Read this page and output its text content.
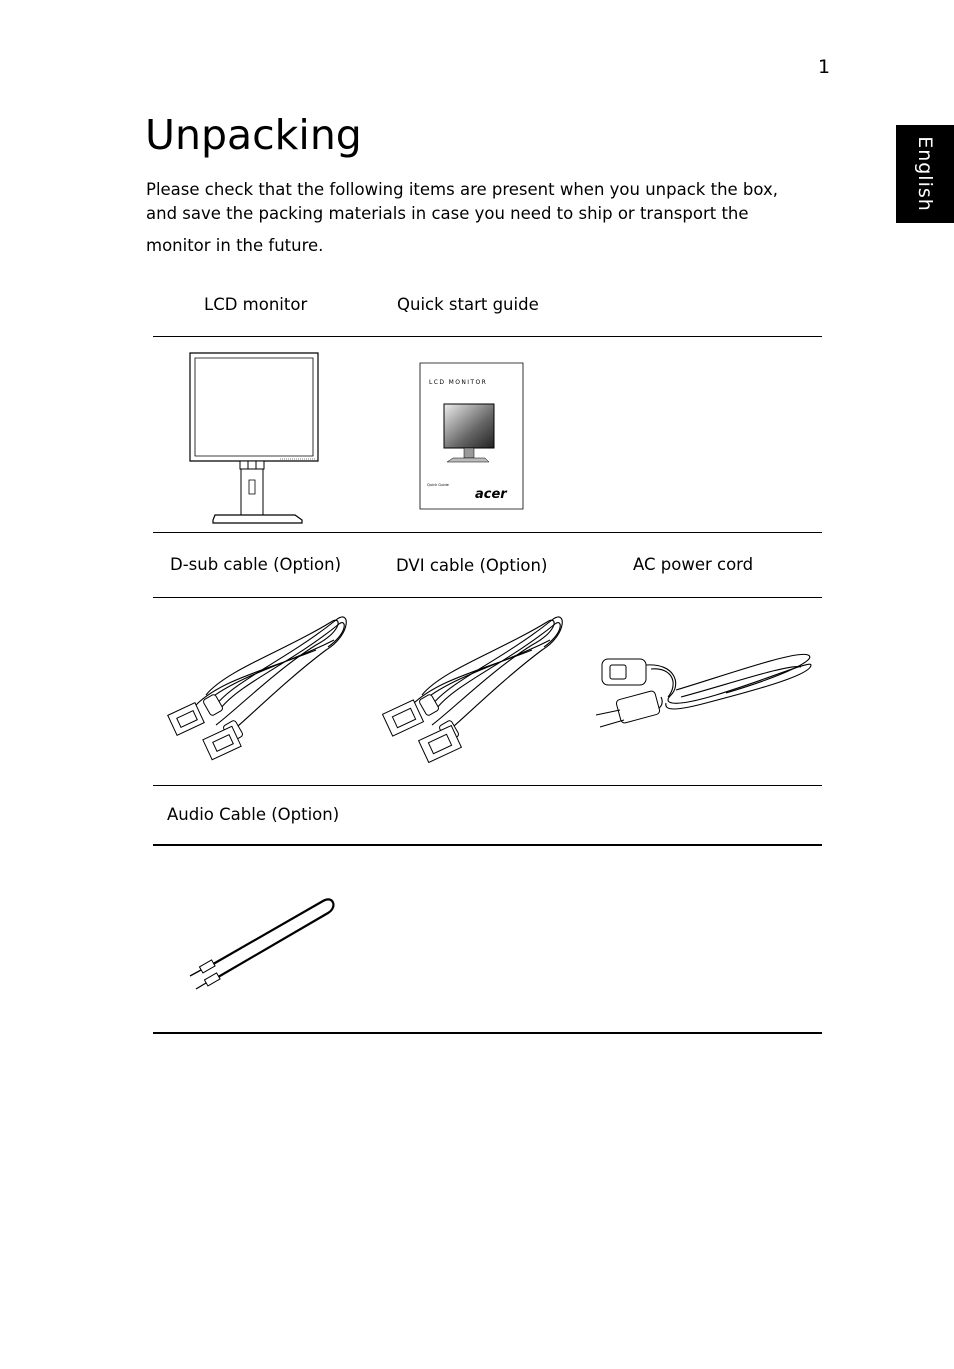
1
English
Unpacking

Please check that the following items are present when you unpack the box,
and save the packing materials in case you need to ship or transport the
monitor in the future.

LCD monitor	Quick start guide
LCD MONITOR
Quick Guide
acer
D-sub cable (Option)	DVI cable (Option)	AC power cord
Audio Cable (Option)
